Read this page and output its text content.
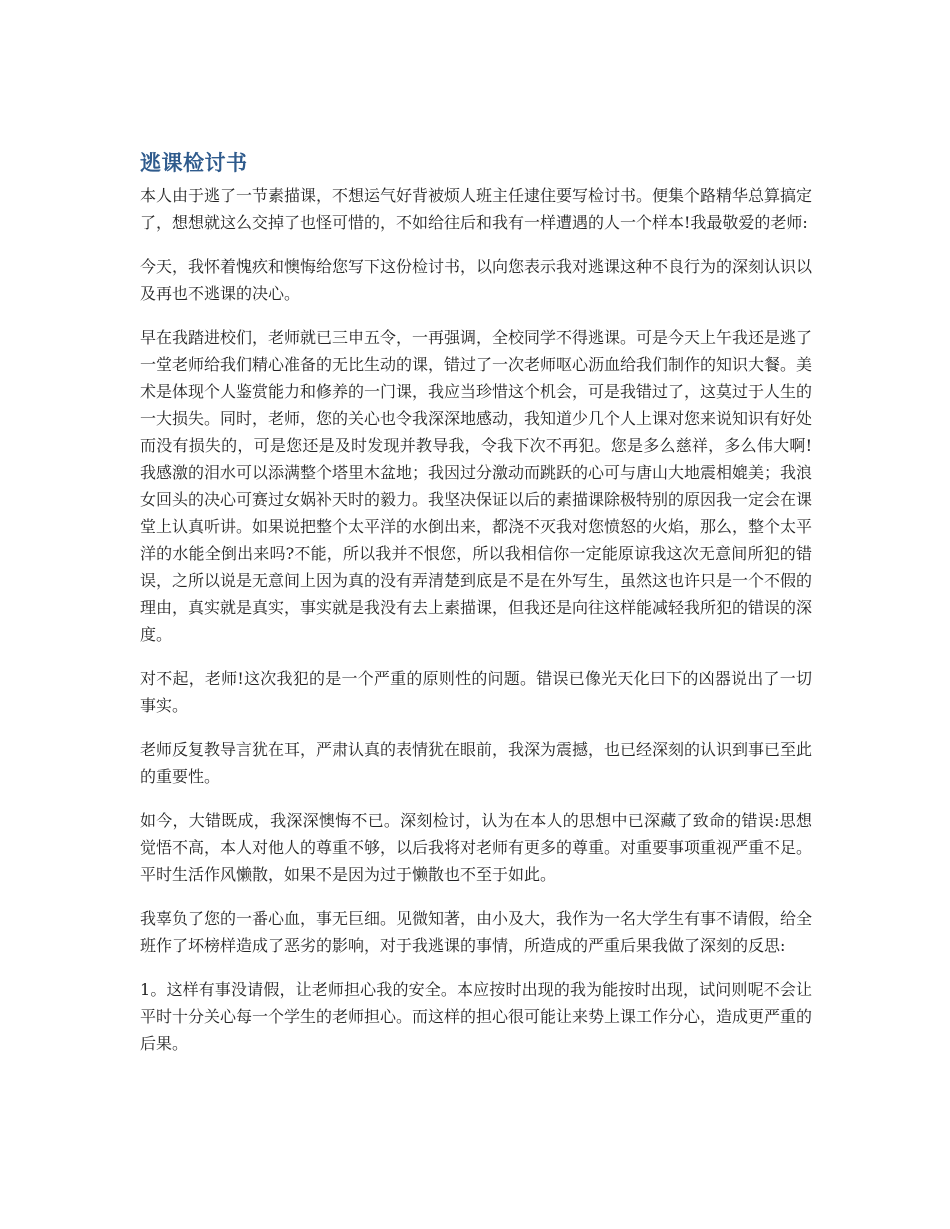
逃课检讨书

本人由于逃了一节素描课，不想运气好背被烦人班主任逮住要写检讨书。便集个路精华总算搞定了，想想就这么交掉了也怪可惜的，不如给往后和我有一样遭遇的人一个样本!我最敬爱的老师:

今天，我怀着愧疚和懊悔给您写下这份检讨书，以向您表示我对逃课这种不良行为的深刻认识以及再也不逃课的决心。

早在我踏进校们，老师就已三申五令，一再强调，全校同学不得逃课。可是今天上午我还是逃了一堂老师给我们精心准备的无比生动的课，错过了一次老师呕心沥血给我们制作的知识大餐。美术是体现个人鉴赏能力和修养的一门课，我应当珍惜这个机会，可是我错过了，这莫过于人生的一大损失。同时，老师，您的关心也令我深深地感动，我知道少几个人上课对您来说知识有好处而没有损失的，可是您还是及时发现并教导我，令我下次不再犯。您是多么慈祥，多么伟大啊!我感激的泪水可以添满整个塔里木盆地；我因过分激动而跳跃的心可与唐山大地震相媲美；我浪女回头的决心可赛过女娲补天时的毅力。我坚决保证以后的素描课除极特别的原因我一定会在课堂上认真听讲。如果说把整个太平洋的水倒出来，都浇不灭我对您愤怒的火焰，那么，整个太平洋的水能全倒出来吗?不能，所以我并不恨您，所以我相信你一定能原谅我这次无意间所犯的错误，之所以说是无意间上因为真的没有弄清楚到底是不是在外写生，虽然这也许只是一个不假的理由，真实就是真实，事实就是我没有去上素描课，但我还是向往这样能减轻我所犯的错误的深度。

对不起，老师!这次我犯的是一个严重的原则性的问题。错误已像光天化曰下的凶器说出了一切事实。

老师反复教导言犹在耳，严肃认真的表情犹在眼前，我深为震撼，也已经深刻的认识到事已至此的重要性。

如今，大错既成，我深深懊悔不已。深刻检讨，认为在本人的思想中已深藏了致命的错误:思想觉悟不高，本人对他人的尊重不够，以后我将对老师有更多的尊重。对重要事项重视严重不足。平时生活作风懒散，如果不是因为过于懒散也不至于如此。

我辜负了您的一番心血，事无巨细。见微知著，由小及大，我作为一名大学生有事不请假，给全班作了坏榜样造成了恶劣的影响，对于我逃课的事情，所造成的严重后果我做了深刻的反思:

1。这样有事没请假，让老师担心我的安全。本应按时出现的我为能按时出现，试问则呢不会让平时十分关心每一个学生的老师担心。而这样的担心很可能让来势上课工作分心，造成更严重的后果。
